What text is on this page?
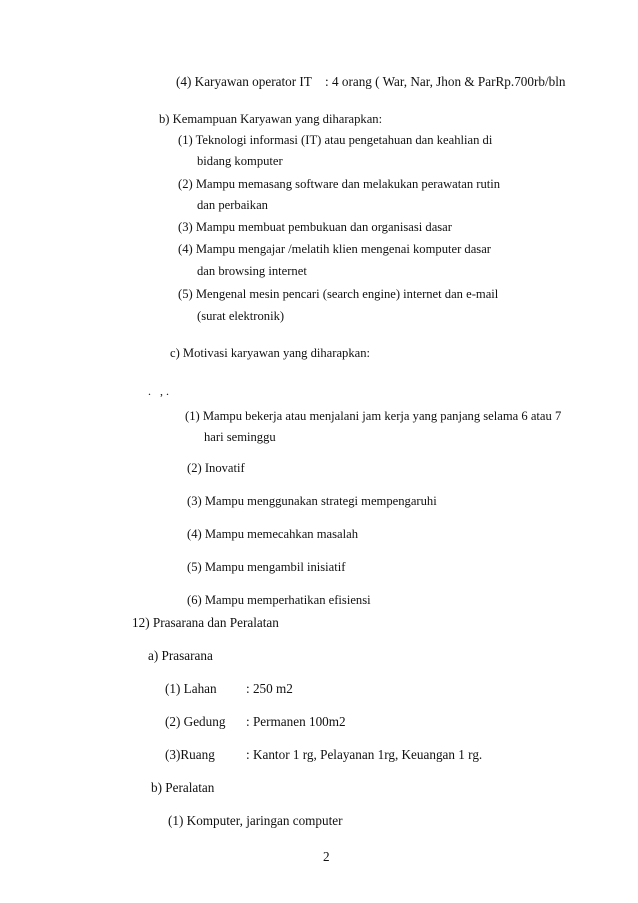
(4) Karyawan operator IT : 4 orang ( War, Nar, Jhon & ParRp.700rb/bln
b) Kemampuan Karyawan yang diharapkan:
(1) Teknologi informasi (IT) atau pengetahuan dan keahlian di
bidang komputer
(2) Mampu memasang software dan melakukan perawatan rutin
dan perbaikan
(3) Mampu membuat pembukuan dan organisasi dasar
(4) Mampu mengajar /melatih klien mengenai komputer dasar
dan browsing internet
(5) Mengenal mesin pencari (search engine) internet dan e-mail
(surat elektronik)
c) Motivasi karyawan yang diharapkan:
. ,.
(1) Mampu bekerja atau menjalani jam kerja yang panjang selama 6 atau 7
hari seminggu
(2) Inovatif
(3) Mampu menggunakan strategi mempengaruhi
(4) Mampu memecahkan masalah
(5) Mampu mengambil inisiatif
(6) Mampu memperhatikan efisiensi
12) Prasarana dan Peralatan
a) Prasarana
(1) Lahan : 250 m2
(2) Gedung : Permanen 100m2
(3)Ruang : Kantor 1 rg, Pelayanan 1rg, Keuangan 1 rg.
b) Peralatan
(1) Komputer, jaringan computer
2
